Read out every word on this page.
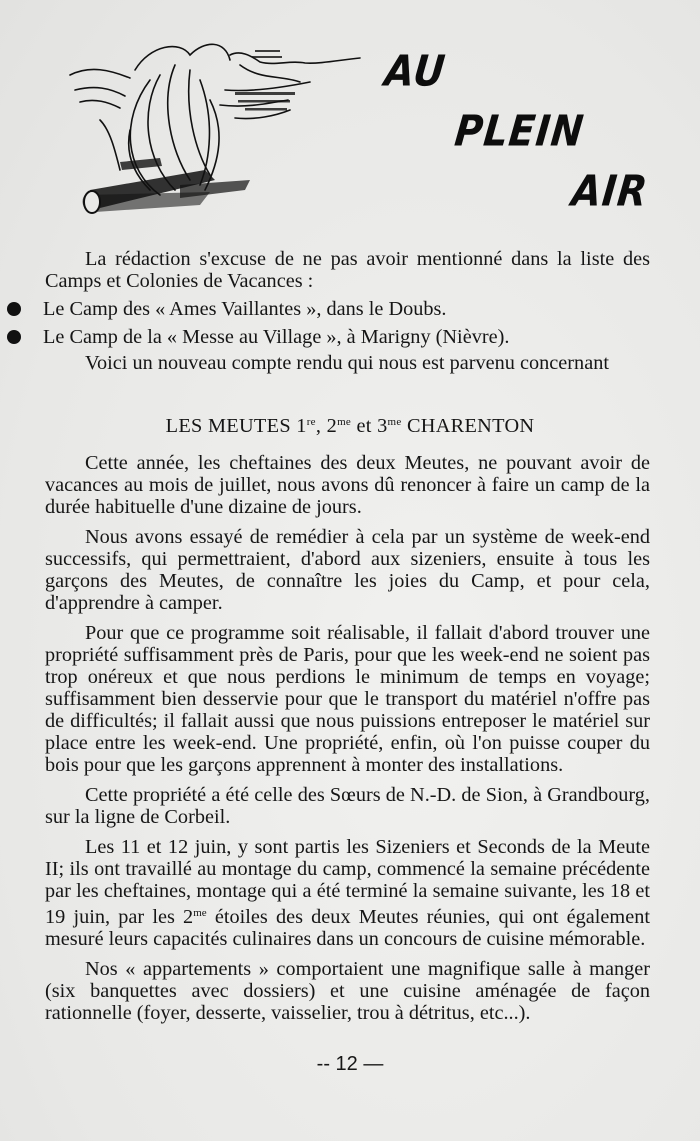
AU
PLEIN
AIR

La rédaction s'excuse de ne pas avoir mentionné dans la liste des Camps et Colonies de Vacances :

Le Camp des « Ames Vaillantes », dans le Doubs.
Le Camp de la « Messe au Village », à Marigny (Nièvre).

Voici un nouveau compte rendu qui nous est parvenu concernant

LES MEUTES 1re, $2^{me}$ et $3^{me}$ CHARENTON

Cette année, les cheftaines des deux Meutes, ne pouvant avoir de vacances au mois de juillet, nous avons dû renoncer à faire un camp de la durée habituelle d'une dizaine de jours.

Nous avons essayé de remédier à cela par un système de week-end successifs, qui permettraient, d'abord aux sizeniers, ensuite à tous les garçons des Meutes, de connaître les joies du Camp, et pour cela, d'apprendre à camper.

Pour que ce programme soit réalisable, il fallait d'abord trouver une propriété suffisamment près de Paris, pour que les week-end ne soient pas trop onéreux et que nous perdions le minimum de temps en voyage; suffisamment bien desservie pour que le transport du matériel n'offre pas de difficultés; il fallait aussi que nous puissions entreposer le matériel sur place entre les week-end. Une propriété, enfin, où l'on puisse couper du bois pour que les garçons apprennent à monter des installations.

Cette propriété a été celle des Sœurs de N.-D. de Sion, à Grandbourg, sur la ligne de Corbeil.

Les 11 et 12 juin, y sont partis les Sizeniers et Seconds de la Meute II; ils ont travaillé au montage du camp, commencé la semaine précédente par les cheftaines, montage qui a été terminé la semaine suivante, les 18 et 19 juin, par les $2^{me}$ étoiles des deux Meutes réunies, qui ont également mesuré leurs capacités culinaires dans un concours de cuisine mémorable.

Nos « appartements » comportaient une magnifique salle à manger (six banquettes avec dossiers) et une cuisine aménagée de façon rationnelle (foyer, desserte, vaisselier, trou à détritus, etc...).

-- 12 —
